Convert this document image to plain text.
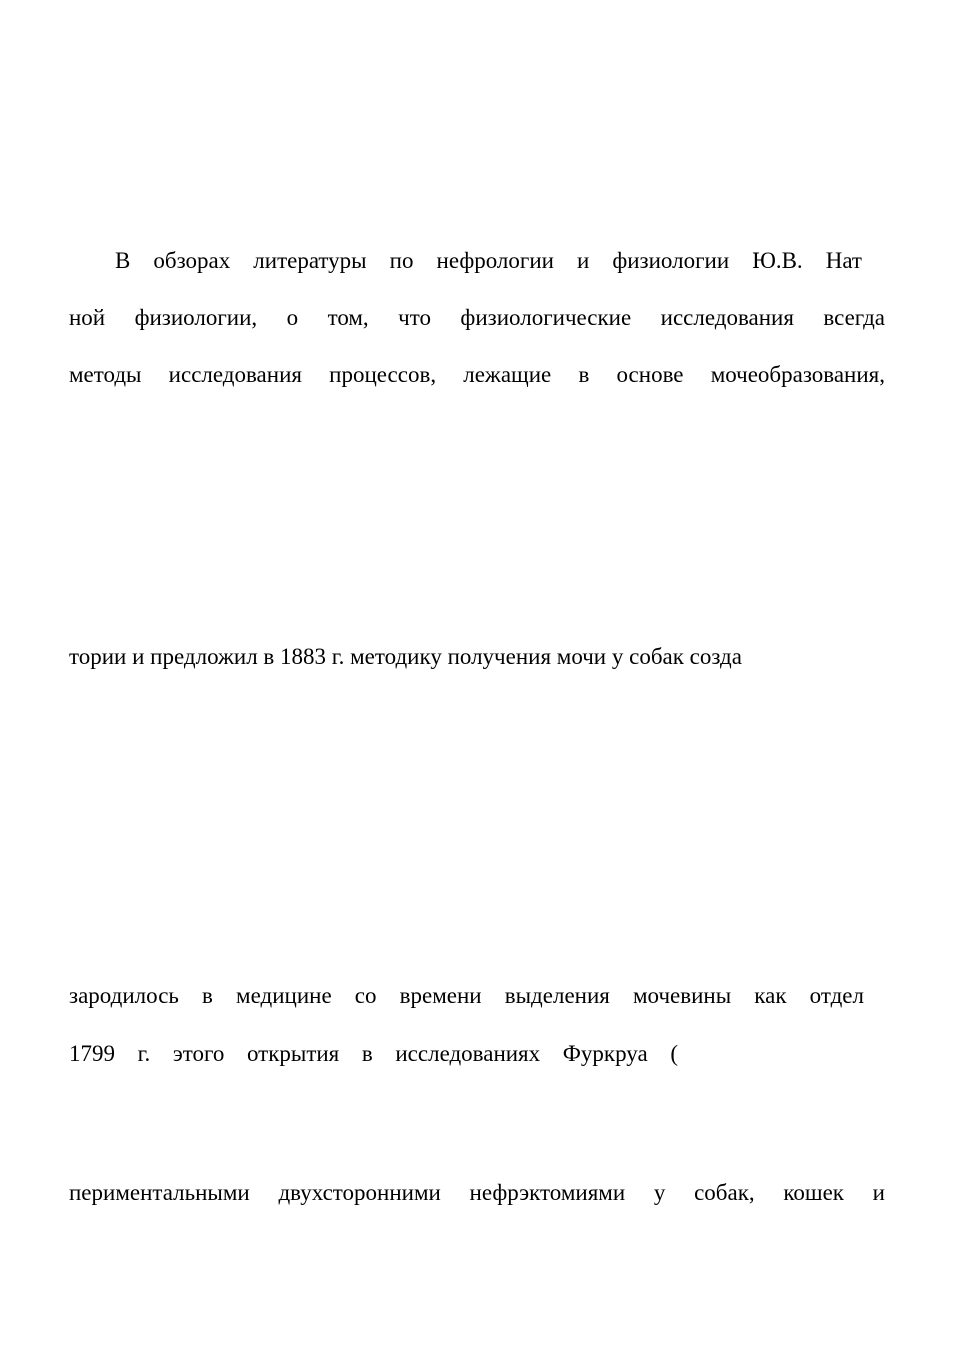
В обзорах литературы по нефрологии и физиологии Ю.В. Нат

ной физиологии, о том, что физиологические исследования всегда

методы исследования процессов, лежащие в основе мочеобразования,

тории и предложил в 1883 г. методику получения мочи у собак созда

зародилось в медицине со времени выделения мочевины как отдел

1799 г. этого открытия в исследованиях Фуркруа (

периментальными двухсторонними нефрэктомиями у собак, кошек и
